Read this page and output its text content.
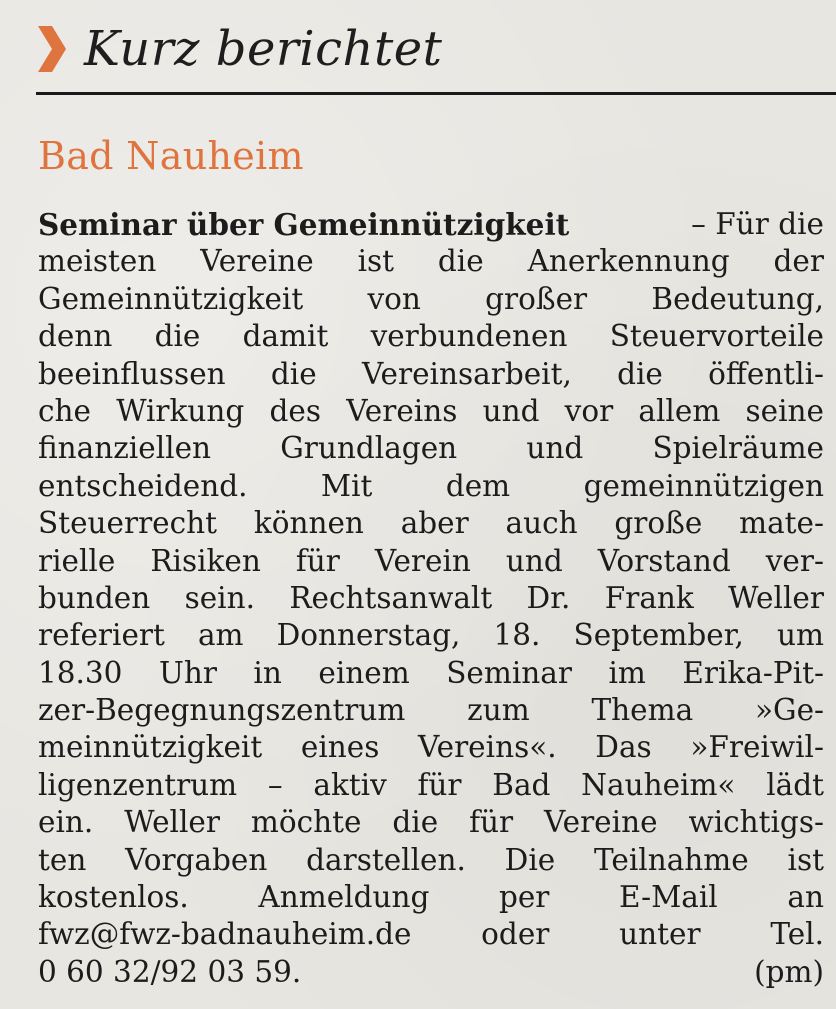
Kurz berichtet
Bad Nauheim
Seminar über Gemeinnützigkeit	– Für die
meisten Vereine ist die Anerkennung der
Gemeinnützigkeit von großer Bedeutung,
denn die damit verbundenen Steuervorteile
beeinflussen die Vereinsarbeit, die öffentli-
che Wirkung des Vereins und vor allem seine
finanziellen Grundlagen und Spielräume
entscheidend. Mit dem gemeinnützigen
Steuerrecht können aber auch große mate-
rielle Risiken für Verein und Vorstand ver-
bunden sein. Rechtsanwalt Dr. Frank Weller
referiert am Donnerstag, 18. September, um
18.30 Uhr in einem Seminar im Erika-Pit-
zer-Begegnungszentrum zum Thema »Ge-
meinnützigkeit eines Vereins«. Das »Freiwil-
ligenzentrum – aktiv für Bad Nauheim« lädt
ein. Weller möchte die für Vereine wichtigs-
ten Vorgaben darstellen. Die Teilnahme ist
kostenlos. Anmeldung per E-Mail an
fwz@fwz-badnauheim.de oder unter Tel.
0 60 32/92 03 59.	(pm)
